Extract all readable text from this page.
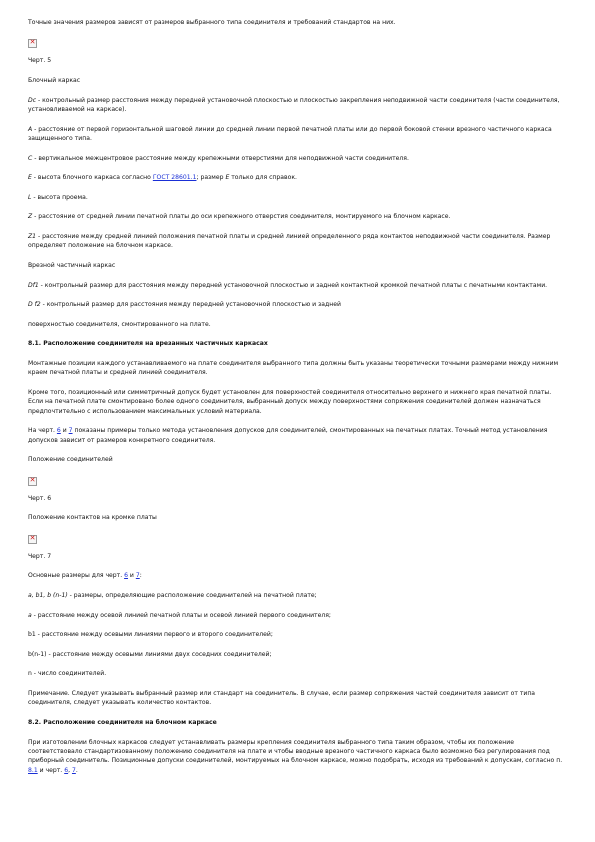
Точные значения размеров зависят от размеров выбранного типа соединителя и требований стандартов на них.

✕

Черт. 5

Блочный каркас

Dc - контрольный размер расстояния между передней установочной плоскостью и плоскостью закрепления неподвижной части соединителя (части соединителя, установливаемой на каркасе).

A - расстояние от первой горизонтальной шаговой линии до средней линии первой печатной платы или до первой боковой стенки врезного частичного каркаса защищенного типа.

C - вертикальное межцентровое расстояние между крепежными отверстиями для неподвижной части соединителя.

E - высота блочного каркаса согласно ГОСТ 28601.1; размер E только для справок.

L - высота проема.

Z - расстояние от средней линии печатной платы до оси крепежного отверстия соединителя, монтируемого на блочном каркасе.

Z1 - расстояние между средней линией положения печатной платы и средней линией определенного ряда контактов неподвижной части соединителя. Размер определяет положение на блочном каркасе.

Врезной частичный каркас

Df1 - контрольный размер для расстояния между передней установочной плоскостью и задней контактной кромкой печатной платы с печатными контактами.

D f2 - контрольный размер для расстояния между передней установочной плоскостью и задней

поверхностью соединителя, смонтированного на плате.

8.1. Расположение соединителя на врезанных частичных каркасах

Монтажные позиции каждого устанавливаемого на плате соединителя выбранного типа должны быть указаны теоретически точными размерами между нижним краем печатной платы и средней линией соединителя.

Кроме того, позиционный или симметричный допуск будет установлен для поверхностей соединителя относительно верхнего и нижнего края печатной платы. Если на печатной плате смонтировано более одного соединителя, выбранный допуск между поверхностями сопряжения соединителей должен назначаться предпочтительно с использованием максимальных условий материала.

На черт. 6 и 7 показаны примеры только метода установления допусков для соединителей, смонтированных на печатных платах. Точный метод установления допусков зависит от размеров конкретного соединителя.

Положение соединителей

✕

Черт. 6

Положение контактов на кромке платы

✕

Черт. 7

Основные размеры для черт. 6 и 7:

a, b1, b (n-1) - размеры, определяющие расположение соединителей на печатной плате;

a - расстояние между осевой линией печатной платы и осевой линией первого соединителя;

b1 - расстояние между осевыми линиями первого и второго соединителей;

b(n-1) - расстояние между осевыми линиями двух соседних соединителей;

n - число соединителей.

Примечание. Следует указывать выбранный размер или стандарт на соединитель. В случае, если размер сопряжения частей соединителя зависит от типа соединителя, следует указывать количество контактов.

8.2. Расположение соединителя на блочном каркасе

При изготовлении блочных каркасов следует устанавливать размеры крепления соединителя выбранного типа таким образом, чтобы их положение соответствовало стандартизованному положению соединителя на плате и чтобы вводные врезного частичного каркаса было возможно без регулирования под приборный соединитель. Позиционные допуски соединителей, монтируемых на блочном каркасе, можно подобрать, исходя из требований к допускам, согласно п. 8.1 и черт. 6, 7.
